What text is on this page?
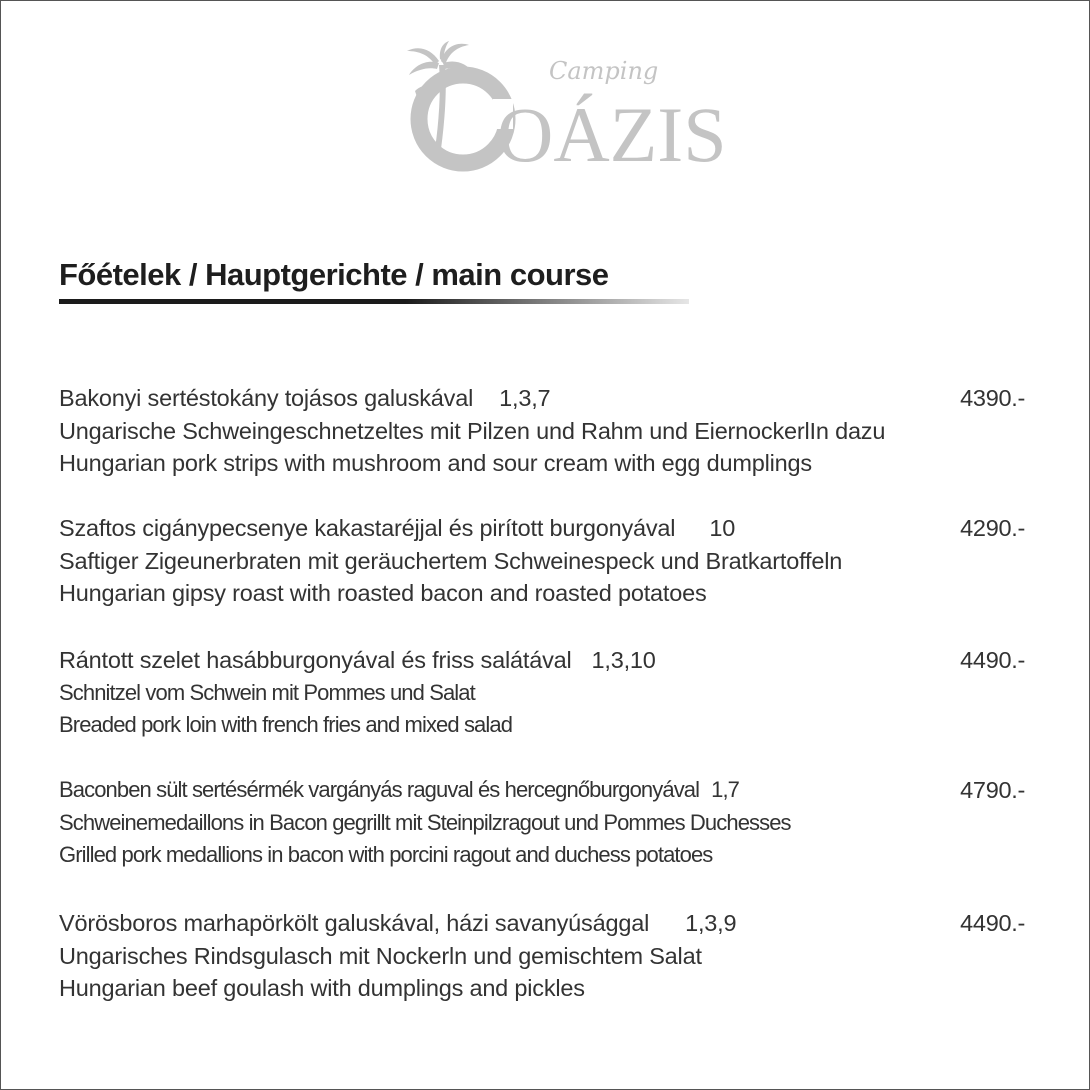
OÁZIS
Camping
Főételek / Hauptgerichte / main course
Bakonyi sertéstokány tojásos galuskával 1,3,7
Ungarische Schweingeschnetzeltes mit Pilzen und Rahm und EiernockerlIn dazu
Hungarian pork strips with mushroom and sour cream with egg dumplings
4390.-
Szaftos cigánypecsenye kakastaréjjal és pirított burgonyával 10
Saftiger Zigeunerbraten mit geräuchertem Schweinespeck und Bratkartoffeln
Hungarian gipsy roast with roasted bacon and roasted potatoes
4290.-
Rántott szelet hasábburgonyával és friss salátával 1,3,10
Schnitzel vom Schwein mit Pommes und Salat
Breaded pork loin with french fries and mixed salad
4490.-
Baconben sült sertésérmék vargányás raguval és hercegnőburgonyával 1,7
Schweinemedaillons in Bacon gegrillt mit Steinpilzragout und Pommes Duchesses
Grilled pork medallions in bacon with porcini ragout and duchess potatoes
4790.-
Vörösboros marhapörkölt galuskával, házi savanyúsággal 1,3,9
Ungarisches Rindsgulasch mit Nockerln und gemischtem Salat
Hungarian beef goulash with dumplings and pickles
4490.-
